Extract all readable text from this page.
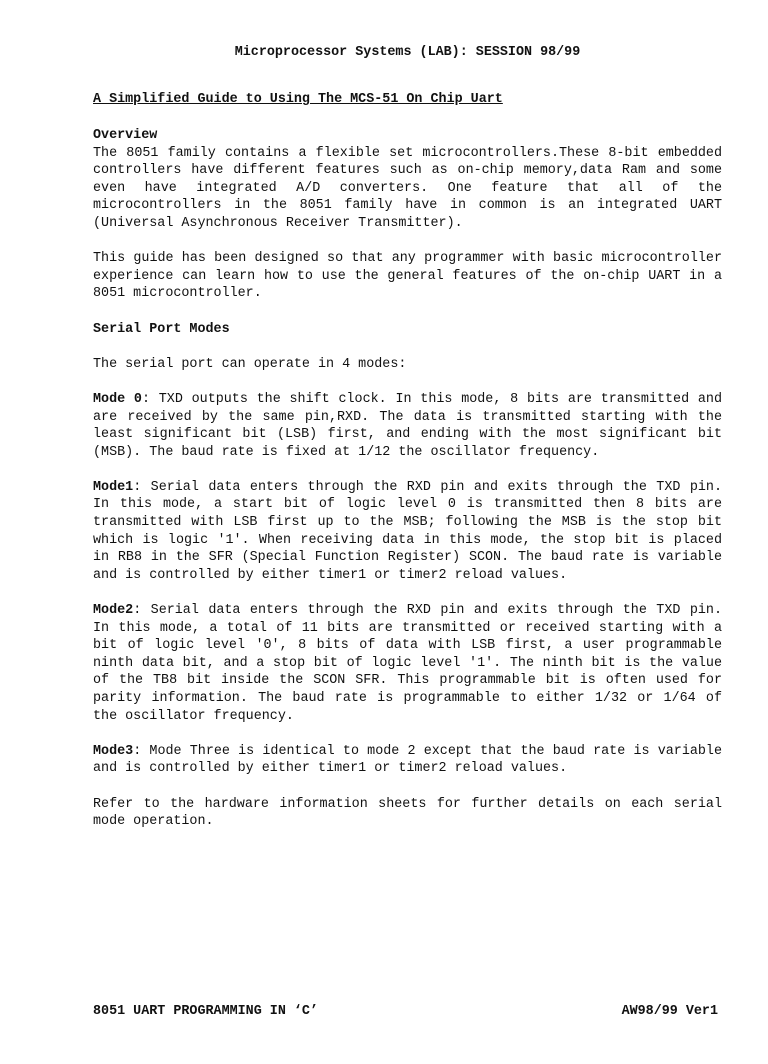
Microprocessor Systems (LAB): SESSION 98/99
A Simplified Guide to Using The MCS-51 On Chip Uart
Overview

The 8051 family contains a flexible set microcontrollers.These 8-bit embedded controllers have different features such as on-chip memory,data Ram and some even have integrated A/D converters. One feature that all of the microcontrollers in the 8051 family have in common is an integrated UART (Universal Asynchronous Receiver Transmitter).

This guide has been designed so that any programmer with basic microcontroller experience can learn how to use the general features of the on-chip UART in a 8051 microcontroller.

Serial Port Modes

The serial port can operate in 4 modes:

Mode 0: TXD outputs the shift clock. In this mode, 8 bits are transmitted and are received by the same pin,RXD. The data is transmitted starting with the least significant bit (LSB) first, and ending with the most significant bit (MSB). The baud rate is fixed at 1/12 the oscillator frequency.

Mode1: Serial data enters through the RXD pin and exits through the TXD pin. In this mode, a start bit of logic level 0 is transmitted then 8 bits are transmitted with LSB first up to the MSB; following the MSB is the stop bit which is logic '1'. When receiving data in this mode, the stop bit is placed in RB8 in the SFR (Special Function Register) SCON. The baud rate is variable and is controlled by either timer1 or timer2 reload values.

Mode2: Serial data enters through the RXD pin and exits through the TXD pin. In this mode, a total of 11 bits are transmitted or received starting with a bit of logic level '0', 8 bits of data with LSB first, a user programmable ninth data bit, and a stop bit of logic level '1'. The ninth bit is the value of the TB8 bit inside the SCON SFR. This programmable bit is often used for parity information. The baud rate is programmable to either 1/32 or 1/64 of the oscillator frequency.

Mode3: Mode Three is identical to mode 2 except that the baud rate is variable and is controlled by either timer1 or timer2 reload values.

Refer to the hardware information sheets for further details on each serial mode operation.

8051 UART PROGRAMMING IN ‘C’

	AW98/99 Ver1
